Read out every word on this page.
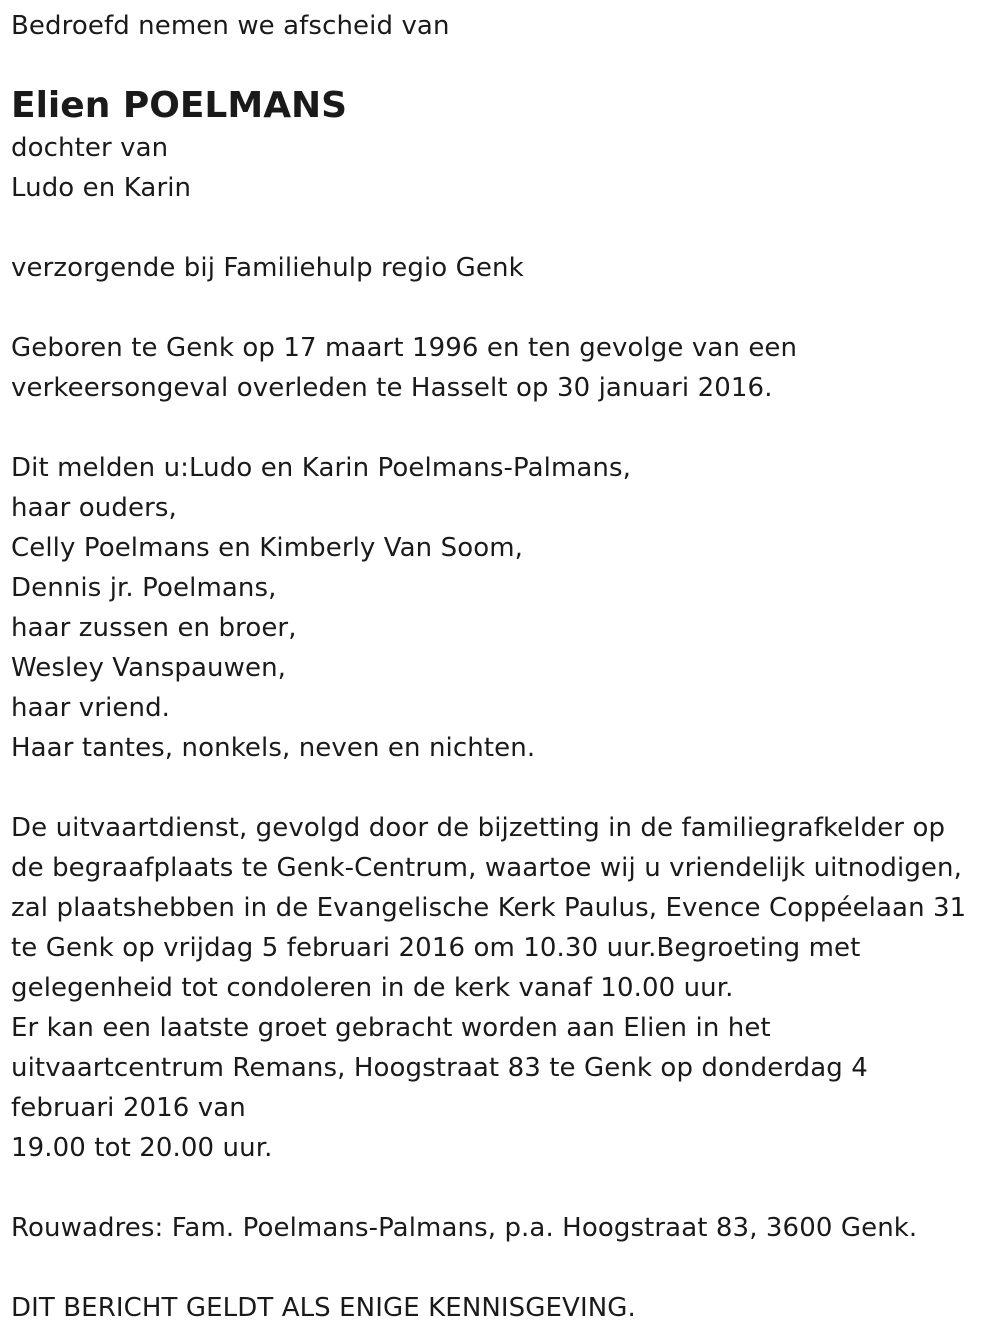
Bedroefd nemen we afscheid van
Elien POELMANS
dochter van
Ludo en Karin
verzorgende bij Familiehulp regio Genk
Geboren te Genk op 17 maart 1996 en ten gevolge van een
verkeersongeval overleden te Hasselt op 30 januari 2016.
Dit melden u:Ludo en Karin Poelmans-Palmans,
haar ouders,
Celly Poelmans en Kimberly Van Soom,
Dennis jr. Poelmans,
haar zussen en broer,
Wesley Vanspauwen,
haar vriend.
Haar tantes, nonkels, neven en nichten.
De uitvaartdienst, gevolgd door de bijzetting in de familiegrafkelder op
de begraafplaats te Genk-Centrum, waartoe wij u vriendelijk uitnodigen,
zal plaatshebben in de Evangelische Kerk Paulus, Evence Coppéelaan 31
te Genk op vrijdag 5 februari 2016 om 10.30 uur.Begroeting met
gelegenheid tot condoleren in de kerk vanaf 10.00 uur.
Er kan een laatste groet gebracht worden aan Elien in het
uitvaartcentrum Remans, Hoogstraat 83 te Genk op donderdag 4
februari 2016 van
19.00 tot 20.00 uur.
Rouwadres: Fam. Poelmans-Palmans, p.a. Hoogstraat 83, 3600 Genk.
DIT BERICHT GELDT ALS ENIGE KENNISGEVING.
